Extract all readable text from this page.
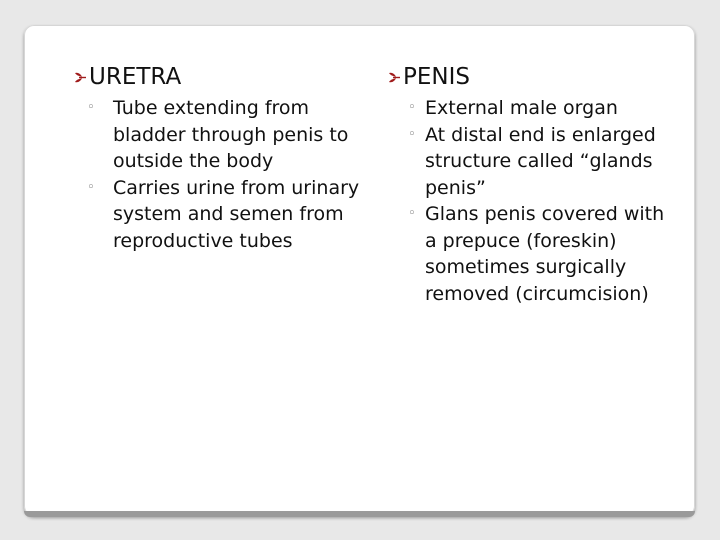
URETRA
◦ Tube extending from bladder through penis to outside the body
◦ Carries urine from urinary system and semen from reproductive tubes
PENIS
◦ External male organ
◦ At distal end is enlarged structure called “glands penis”
◦ Glans penis covered with a prepuce (foreskin) sometimes surgically removed (circumcision)
